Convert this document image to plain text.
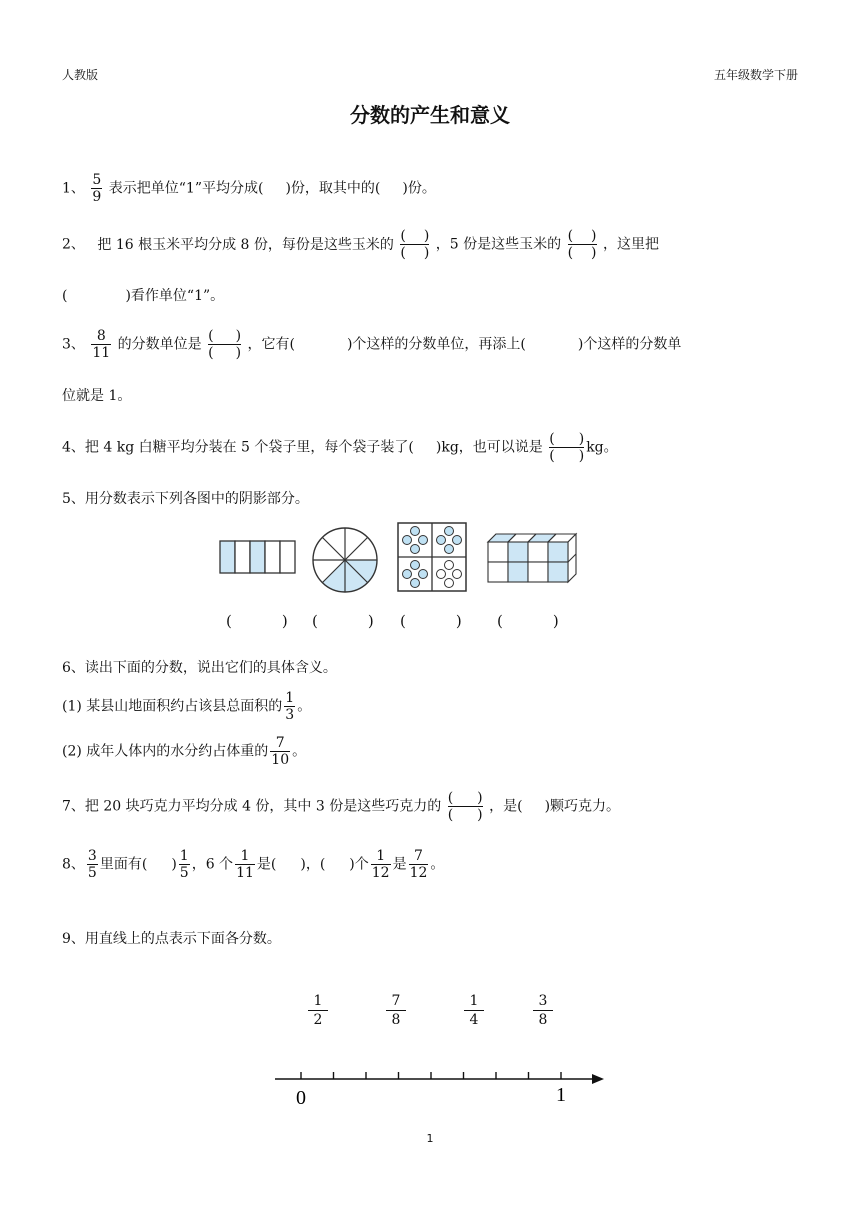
人教版	五年级数学下册
分数的产生和意义
1、 $\frac{5}{9}$ 表示把单位“1”平均分成( )份，取其中的( )份。
2、 把 16 根玉米平均分成 8 份，每份是这些玉米的
( )
( )
，5 份是这些玉米的
( )
( )
，这里把
(	)看作单位“1”。
3、 $\frac{8}{11}$ 的分数单位是
( )
( )
，它有(	)个这样的分数单位，再添上(	)个这样的分数单
位就是 1。
4、把 4 kg 白糖平均分装在 5 个袋子里，每个袋子装了( )kg，也可以说是
( )
( )
kg。
5、用分数表示下列各图中的阴影部分。
(	) (	) (	) (	)
6、读出下面的分数，说出它们的具体含义。
(1) 某县山地面积约占该县总面积的 $\frac{1}{3}$ 。
(2) 成年人体内的水分约占体重的 $\frac{7}{10}$ 。
7、把 20 块巧克力平均分成 4 份，其中 3 份是这些巧克力的
( )
( )
，是( )颗巧克力。
8、 $\frac{3}{5}$ 里面有( ) $\frac{1}{5}$ ，6 个 $\frac{1}{11}$ 是( )，( )个 $\frac{1}{12}$ 是 $\frac{7}{12}$ 。
9、用直线上的点表示下面各分数。
$\frac{1}{2}$	$\frac{7}{8}$	$\frac{1}{4}$	$\frac{3}{8}$
0	1
1
